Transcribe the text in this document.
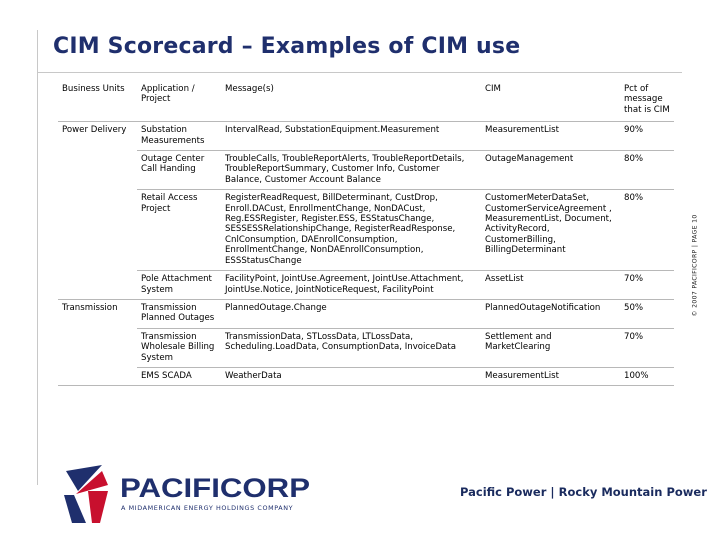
CIM Scorecard – Examples of CIM use
© 2007 PACIFICORP | PAGE 10
Business Units	Application / Project	Message(s)	CIM	Pct of message that is CIM
Power Delivery	Substation Measurements	IntervalRead, SubstationEquipment.Measurement	MeasurementList	90%
	Outage Center Call Handing	TroubleCalls, TroubleReportAlerts, TroubleReportDetails, TroubleReportSummary, Customer Info, Customer Balance, Customer Account Balance	OutageManagement	80%
	Retail Access Project	RegisterReadRequest, BillDeterminant, CustDrop, Enroll.DACust, EnrollmentChange, NonDACust, Reg.ESSRegister, Register.ESS, ESStatusChange, SESSESSRelationshipChange, RegisterReadResponse, CnlConsumption, DAEnrollConsumption, EnrollmentChange, NonDAEnrollConsumption, ESSStatusChange	CustomerMeterDataSet, CustomerServiceAgreement , MeasurementList, Document, ActivityRecord, CustomerBilling, BillingDeterminant	80%
	Pole Attachment System	FacilityPoint, JointUse.Agreement, JointUse.Attachment, JointUse.Notice, JointNoticeRequest, FacilityPoint	AssetList	70%
Transmission	Transmission Planned Outages	PlannedOutage.Change	PlannedOutageNotification	50%
	Transmission Wholesale Billing System	TransmissionData, STLossData, LTLossData, Scheduling.LoadData, ConsumptionData, InvoiceData	Settlement and MarketClearing	70%
	EMS SCADA	WeatherData	MeasurementList	100%
PACIFICORP
A MIDAMERICAN ENERGY HOLDINGS COMPANY
Pacific Power | Rocky Mountain Power
